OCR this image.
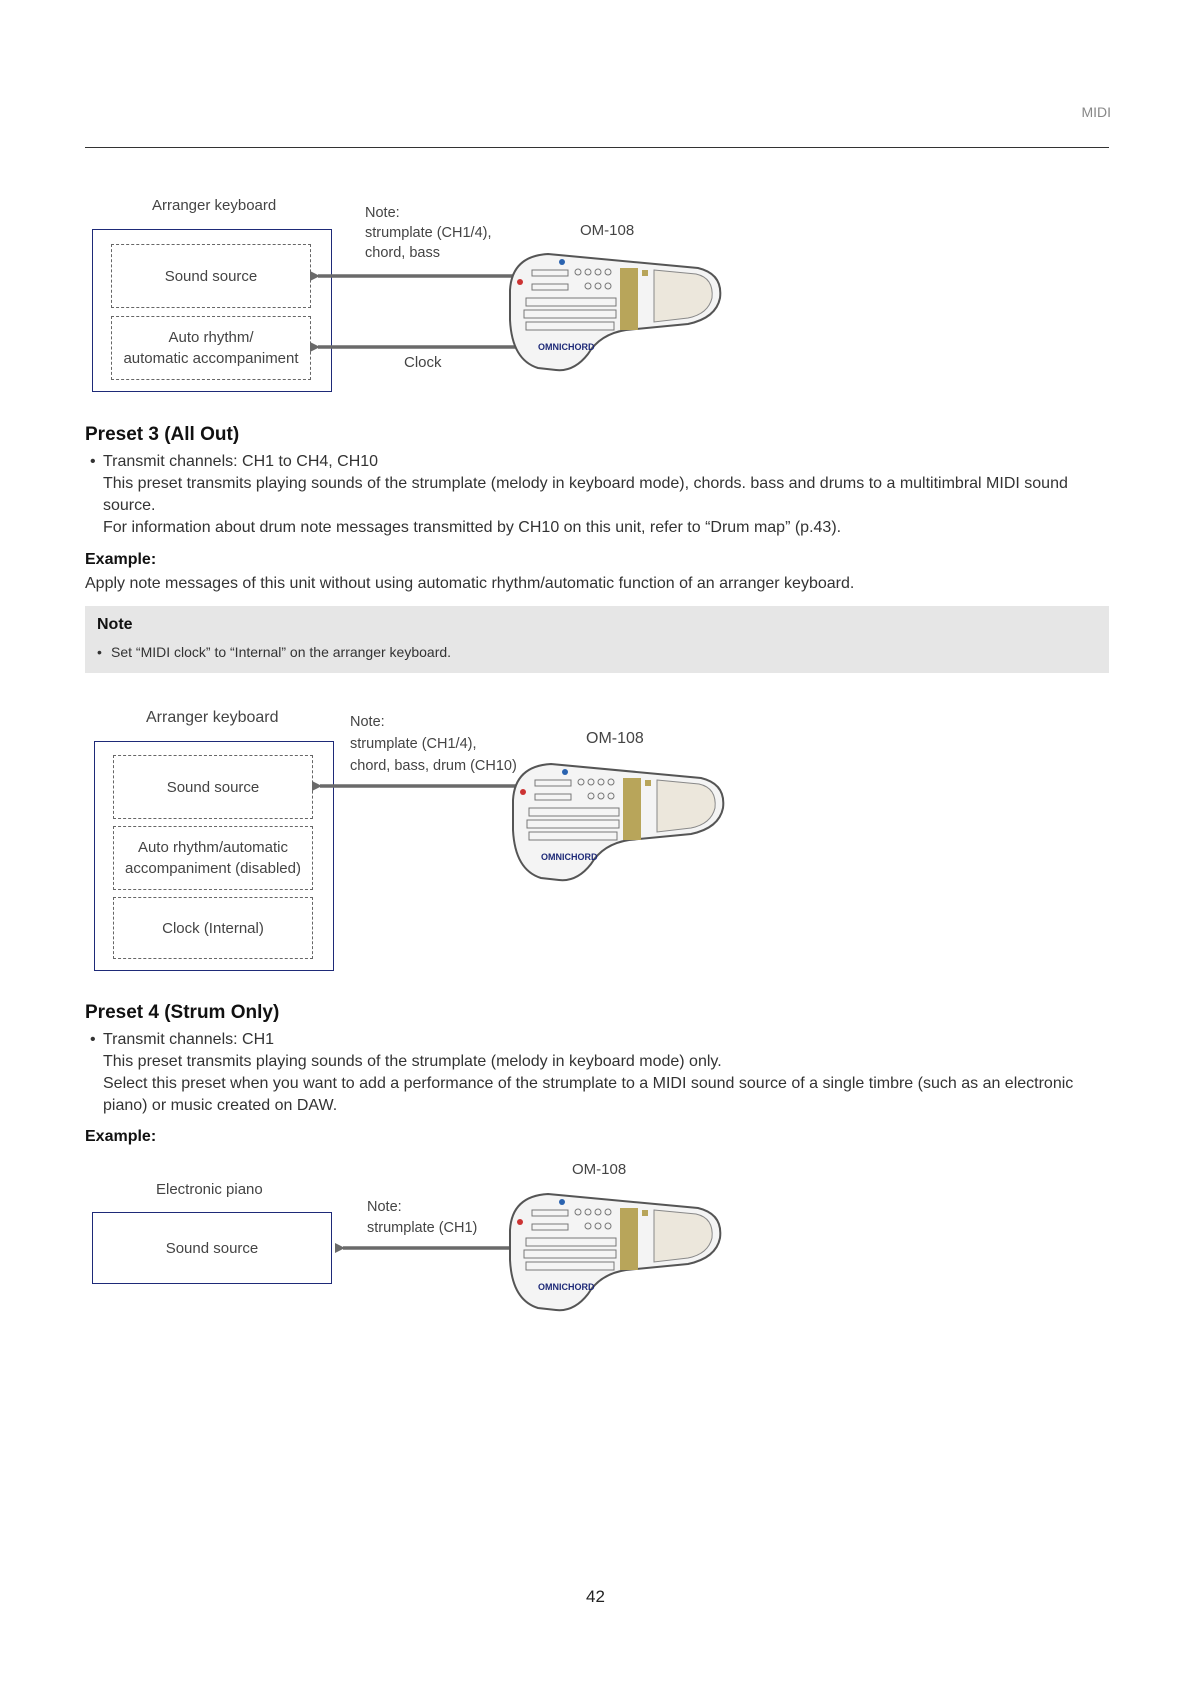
MIDI
Arranger keyboard
Sound source
Auto rhythm/
automatic accompaniment
Note:
strumplate (CH1/4),
chord, bass
Clock
OM-108
OMNICHORD
Preset 3 (All Out)
• Transmit channels: CH1 to CH4, CH10
This preset transmits playing sounds of the strumplate (melody in keyboard mode), chords. bass and drums to a multitimbral MIDI sound source.
For information about drum note messages transmitted by CH10 on this unit, refer to “Drum map” (p.43).
Example:
Apply note messages of this unit without using automatic rhythm/automatic function of an arranger keyboard.
Note
• Set “MIDI clock” to “Internal” on the arranger keyboard.
Arranger keyboard
Sound source
Auto rhythm/automatic
accompaniment (disabled)
Clock (Internal)
Note:
strumplate (CH1/4),
chord, bass, drum (CH10)
OM-108
OMNICHORD
Preset 4 (Strum Only)
• Transmit channels: CH1
This preset transmits playing sounds of the strumplate (melody in keyboard mode) only.
Select this preset when you want to add a performance of the strumplate to a MIDI sound source of a single timbre (such as an electronic piano) or music created on DAW.
Example:
OM-108
Electronic piano
Sound source
Note:
strumplate (CH1)
OMNICHORD
42
